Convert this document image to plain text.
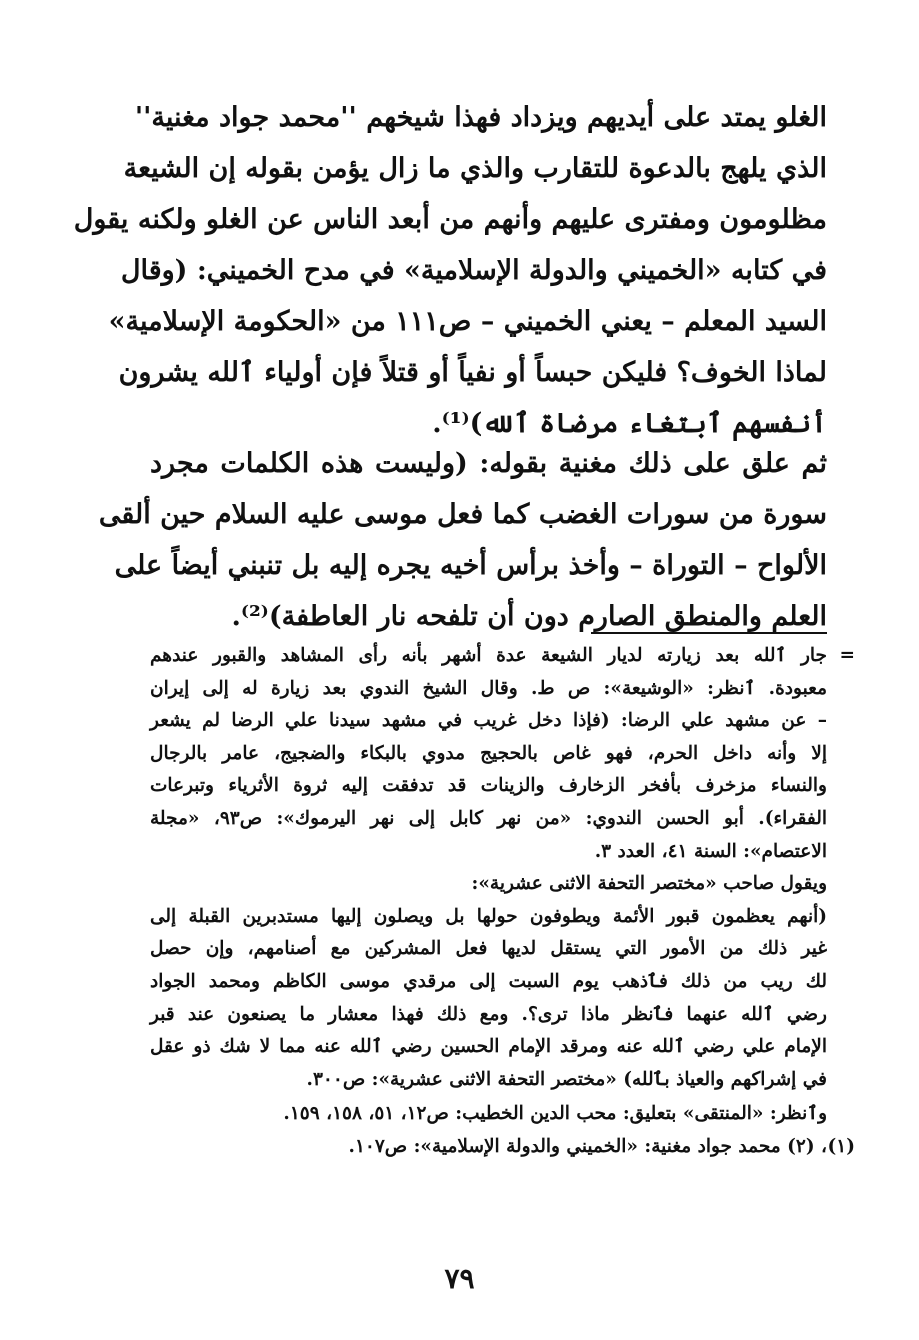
الغلو يمتد على أيديهم ويزداد فهذا شيخهم ''محمد جواد مغنية''
الذي يلهج بالدعوة للتقارب والذي ما زال يؤمن بقوله إن الشيعة
مظلومون ومفترى عليهم وأنهم من أبعد الناس عن الغلو ولكنه يقول
في كتابه «الخميني والدولة الإسلامية» في مدح الخميني: (وقال
السيد المعلم – يعني الخميني – ص١١١ من «الحكومة الإسلامية»
لماذا الخوف؟ فليكن حبساً أو نفياً أو قتلاً فإن أولياء ٱلله يشرون
أنفسهم ٱبتغاء مرضاة ٱلله)⁽¹⁾.
ثم علق على ذلك مغنية بقوله: (وليست هذه الكلمات مجرد
سورة من سورات الغضب كما فعل موسى عليه السلام حين ألقى
الألواح – التوراة – وأخذ برأس أخيه يجره إليه بل تنبني أيضاً على
العلم والمنطق الصارم دون أن تلفحه نار العاطفة)⁽²⁾.
=
جار ٱلله بعد زيارته لديار الشيعة عدة أشهر بأنه رأى المشاهد والقبور عندهم
معبودة. ٱنظر: «الوشيعة»: ص ط. وقال الشيخ الندوي بعد زيارة له إلى إيران
– عن مشهد علي الرضا: (فإذا دخل غريب في مشهد سيدنا علي الرضا لم يشعر
إلا وأنه داخل الحرم، فهو غاص بالحجيج مدوي بالبكاء والضجيج، عامر بالرجال
والنساء مزخرف بأفخر الزخارف والزينات قد تدفقت إليه ثروة الأثرياء وتبرعات
الفقراء). أبو الحسن الندوي: «من نهر كابل إلى نهر اليرموك»: ص٩٣، «مجلة
الاعتصام»: السنة ٤١، العدد ٣.
ويقول صاحب «مختصر التحفة الاثنى عشرية»:
(أنهم يعظمون قبور الأئمة ويطوفون حولها بل ويصلون إليها مستدبرين القبلة إلى
غير ذلك من الأمور التي يستقل لديها فعل المشركين مع أصنامهم، وإن حصل
لك ريب من ذلك فٱذهب يوم السبت إلى مرقدي موسى الكاظم ومحمد الجواد
رضي ٱلله عنهما فٱنظر ماذا ترى؟. ومع ذلك فهذا معشار ما يصنعون عند قبر
الإمام علي رضي ٱلله عنه ومرقد الإمام الحسين رضي ٱلله عنه مما لا شك ذو عقل
في إشراكهم والعياذ بٱلله) «مختصر التحفة الاثنى عشرية»: ص٣٠٠.
وٱنظر: «المنتقى» بتعليق: محب الدين الخطيب: ص١٢، ٥١، ١٥٨، ١٥٩.
(١)
، (٢) محمد جواد مغنية: «الخميني والدولة الإسلامية»: ص١٠٧.
٧٩
